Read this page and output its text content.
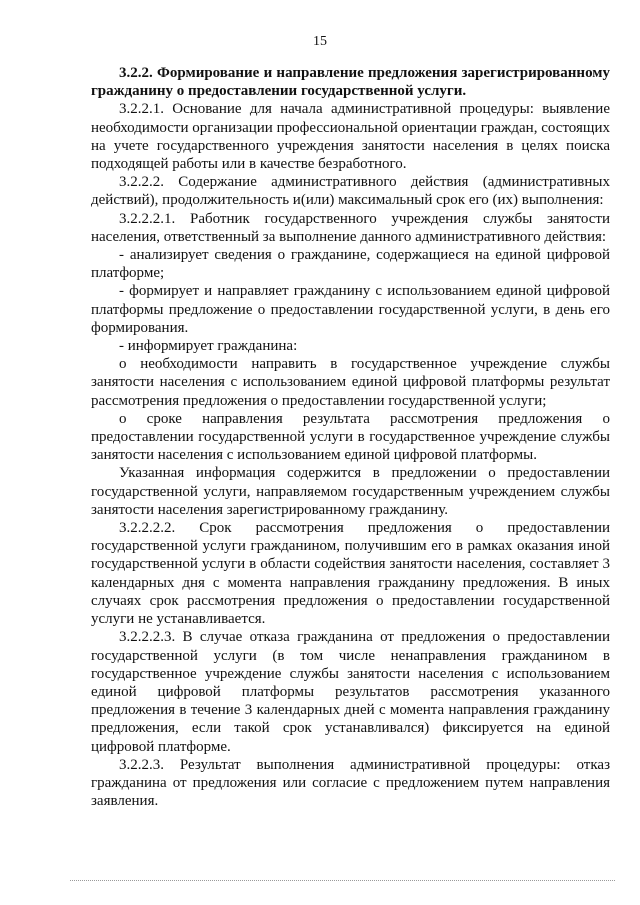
15

3.2.2. Формирование и направление предложения зарегистрированному гражданину о предоставлении государственной услуги.

3.2.2.1. Основание для начала административной процедуры: выявление необходимости организации профессиональной ориентации граждан, состоящих на учете государственного учреждения занятости населения в целях поиска подходящей работы или в качестве безработного.

3.2.2.2. Содержание административного действия (административных действий), продолжительность и(или) максимальный срок его (их) выполнения:

3.2.2.2.1. Работник государственного учреждения службы занятости населения, ответственный за выполнение данного административного действия:

- анализирует сведения о гражданине, содержащиеся на единой цифровой платформе;

- формирует и направляет гражданину с использованием единой цифровой платформы предложение о предоставлении государственной услуги, в день его формирования.

- информирует гражданина:

о необходимости направить в государственное учреждение службы занятости населения с использованием единой цифровой платформы результат рассмотрения предложения о предоставлении государственной услуги;

о сроке направления результата рассмотрения предложения о предоставлении государственной услуги в государственное учреждение службы занятости населения с использованием единой цифровой платформы.

Указанная информация содержится в предложении о предоставлении государственной услуги, направляемом государственным учреждением службы занятости населения зарегистрированному гражданину.

3.2.2.2.2. Срок рассмотрения предложения о предоставлении государственной услуги гражданином, получившим его в рамках оказания иной государственной услуги в области содействия занятости населения, составляет 3 календарных дня с момента направления гражданину предложения. В иных случаях срок рассмотрения предложения о предоставлении государственной услуги не устанавливается.

3.2.2.2.3. В случае отказа гражданина от предложения о предоставлении государственной услуги (в том числе ненаправления гражданином в государственное учреждение службы занятости населения с использованием единой цифровой платформы результатов рассмотрения указанного предложения в течение 3 календарных дней с момента направления гражданину предложения, если такой срок устанавливался) фиксируется на единой цифровой платформе.

3.2.2.3. Результат выполнения административной процедуры: отказ гражданина от предложения или согласие с предложением путем направления заявления.
